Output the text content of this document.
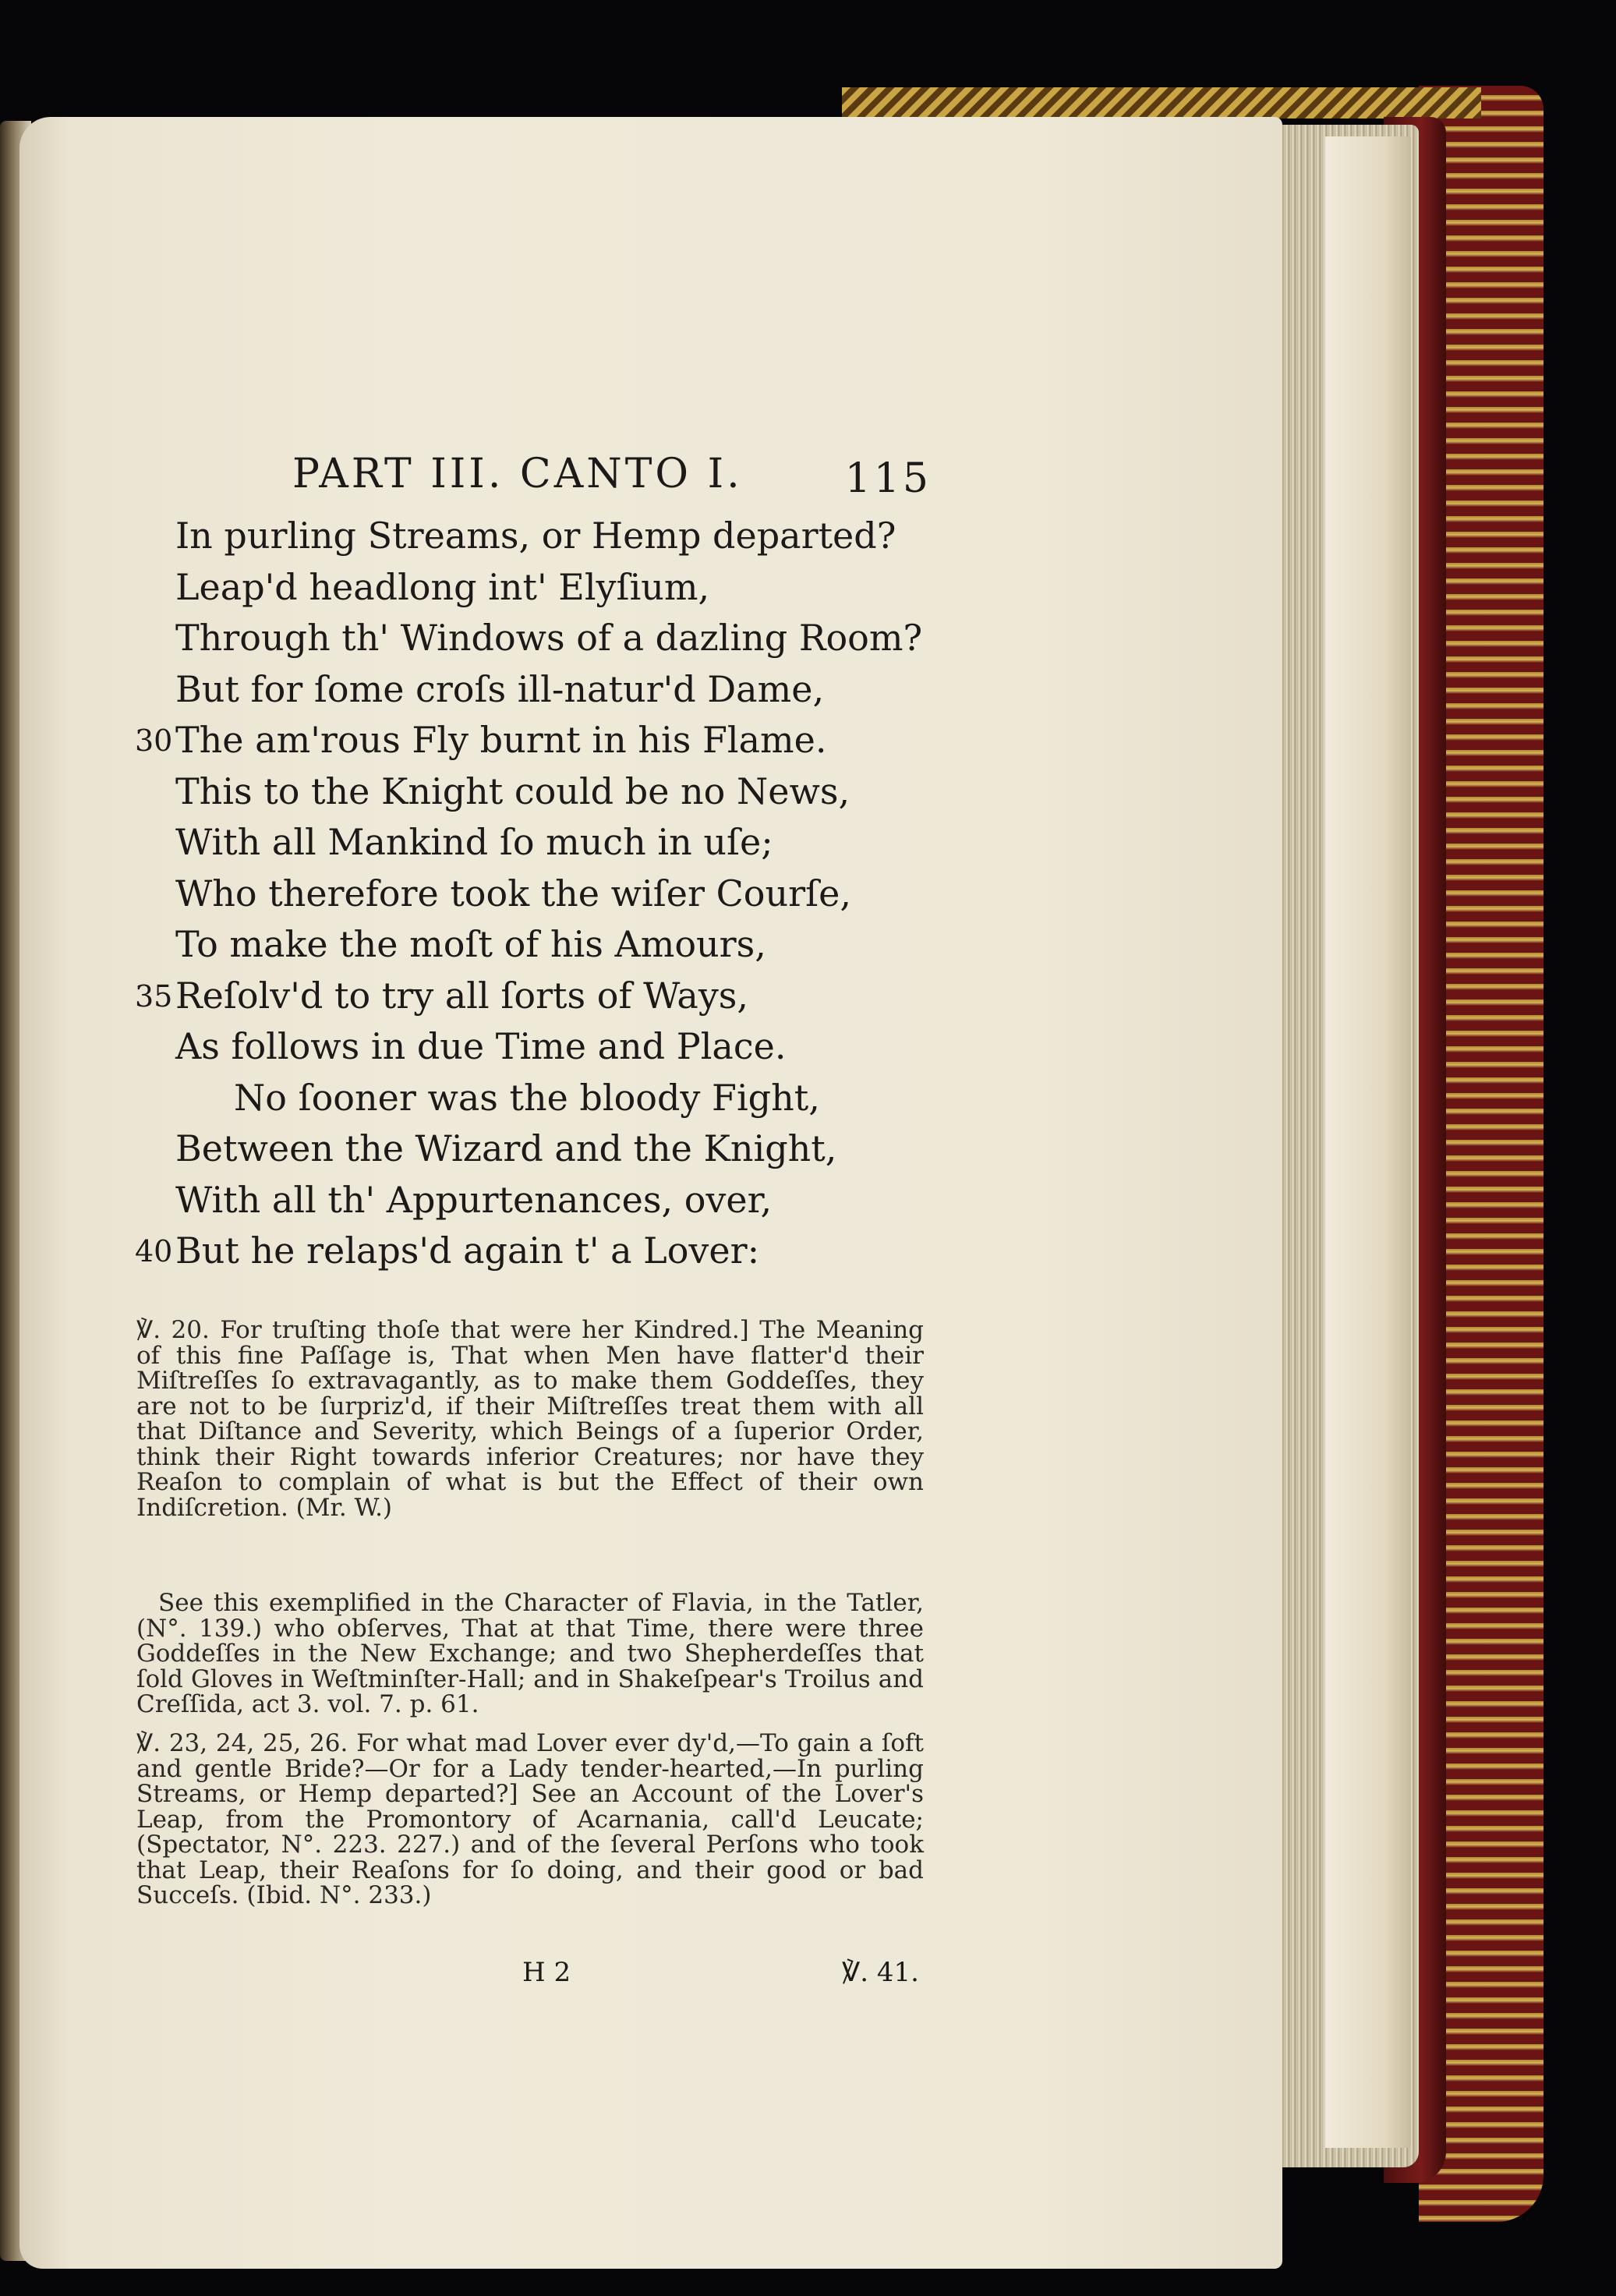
PART III. CANTO I.	115
In purling Streams, or Hemp departed?
Leap'd headlong int' Elyſium,
Through th' Windows of a dazling Room?
But for ſome croſs ill-natur'd Dame,
The am'rous Fly burnt in his Flame.
30
This to the Knight could be no News,
With all Mankind ſo much in uſe;
Who therefore took the wiſer Courſe,
To make the moſt of his Amours,
Reſolv'd to try all ſorts of Ways,
35
As follows in due Time and Place.
No ſooner was the bloody Fight,
Between the Wizard and the Knight,
With all th' Appurtenances, over,
But he relaps'd again t' a Lover:
40
℣. 20. For truſting thoſe that were her Kindred.] The Meaning of this fine Paſſage is, That when Men have flatter'd their Miſtreſſes ſo extravagantly, as to make them Goddeſſes, they are not to be ſurpriz'd, if their Miſtreſſes treat them with all that Diſtance and Severity, which Beings of a ſuperior Order, think their Right towards inferior Creatures; nor have they Reaſon to complain of what is but the Effect of their own Indiſcretion. (Mr. W.)
See this exemplified in the Character of Flavia, in the Tatler, (N°. 139.) who obſerves, That at that Time, there were three Goddeſſes in the New Exchange; and two Shepherdeſſes that ſold Gloves in Weſtminſter-Hall; and in Shakeſpear's Troilus and Creſſida, act 3. vol. 7. p. 61.
℣. 23, 24, 25, 26. For what mad Lover ever dy'd,—To gain a ſoft and gentle Bride?—Or for a Lady tender-hearted,—In purling Streams, or Hemp departed?] See an Account of the Lover's Leap, from the Promontory of Acarnania, call'd Leucate; (Spectator, N°. 223. 227.) and of the ſeveral Perſons who took that Leap, their Reaſons for ſo doing, and their good or bad Succeſs. (Ibid. N°. 233.)
H 2	℣. 41.
